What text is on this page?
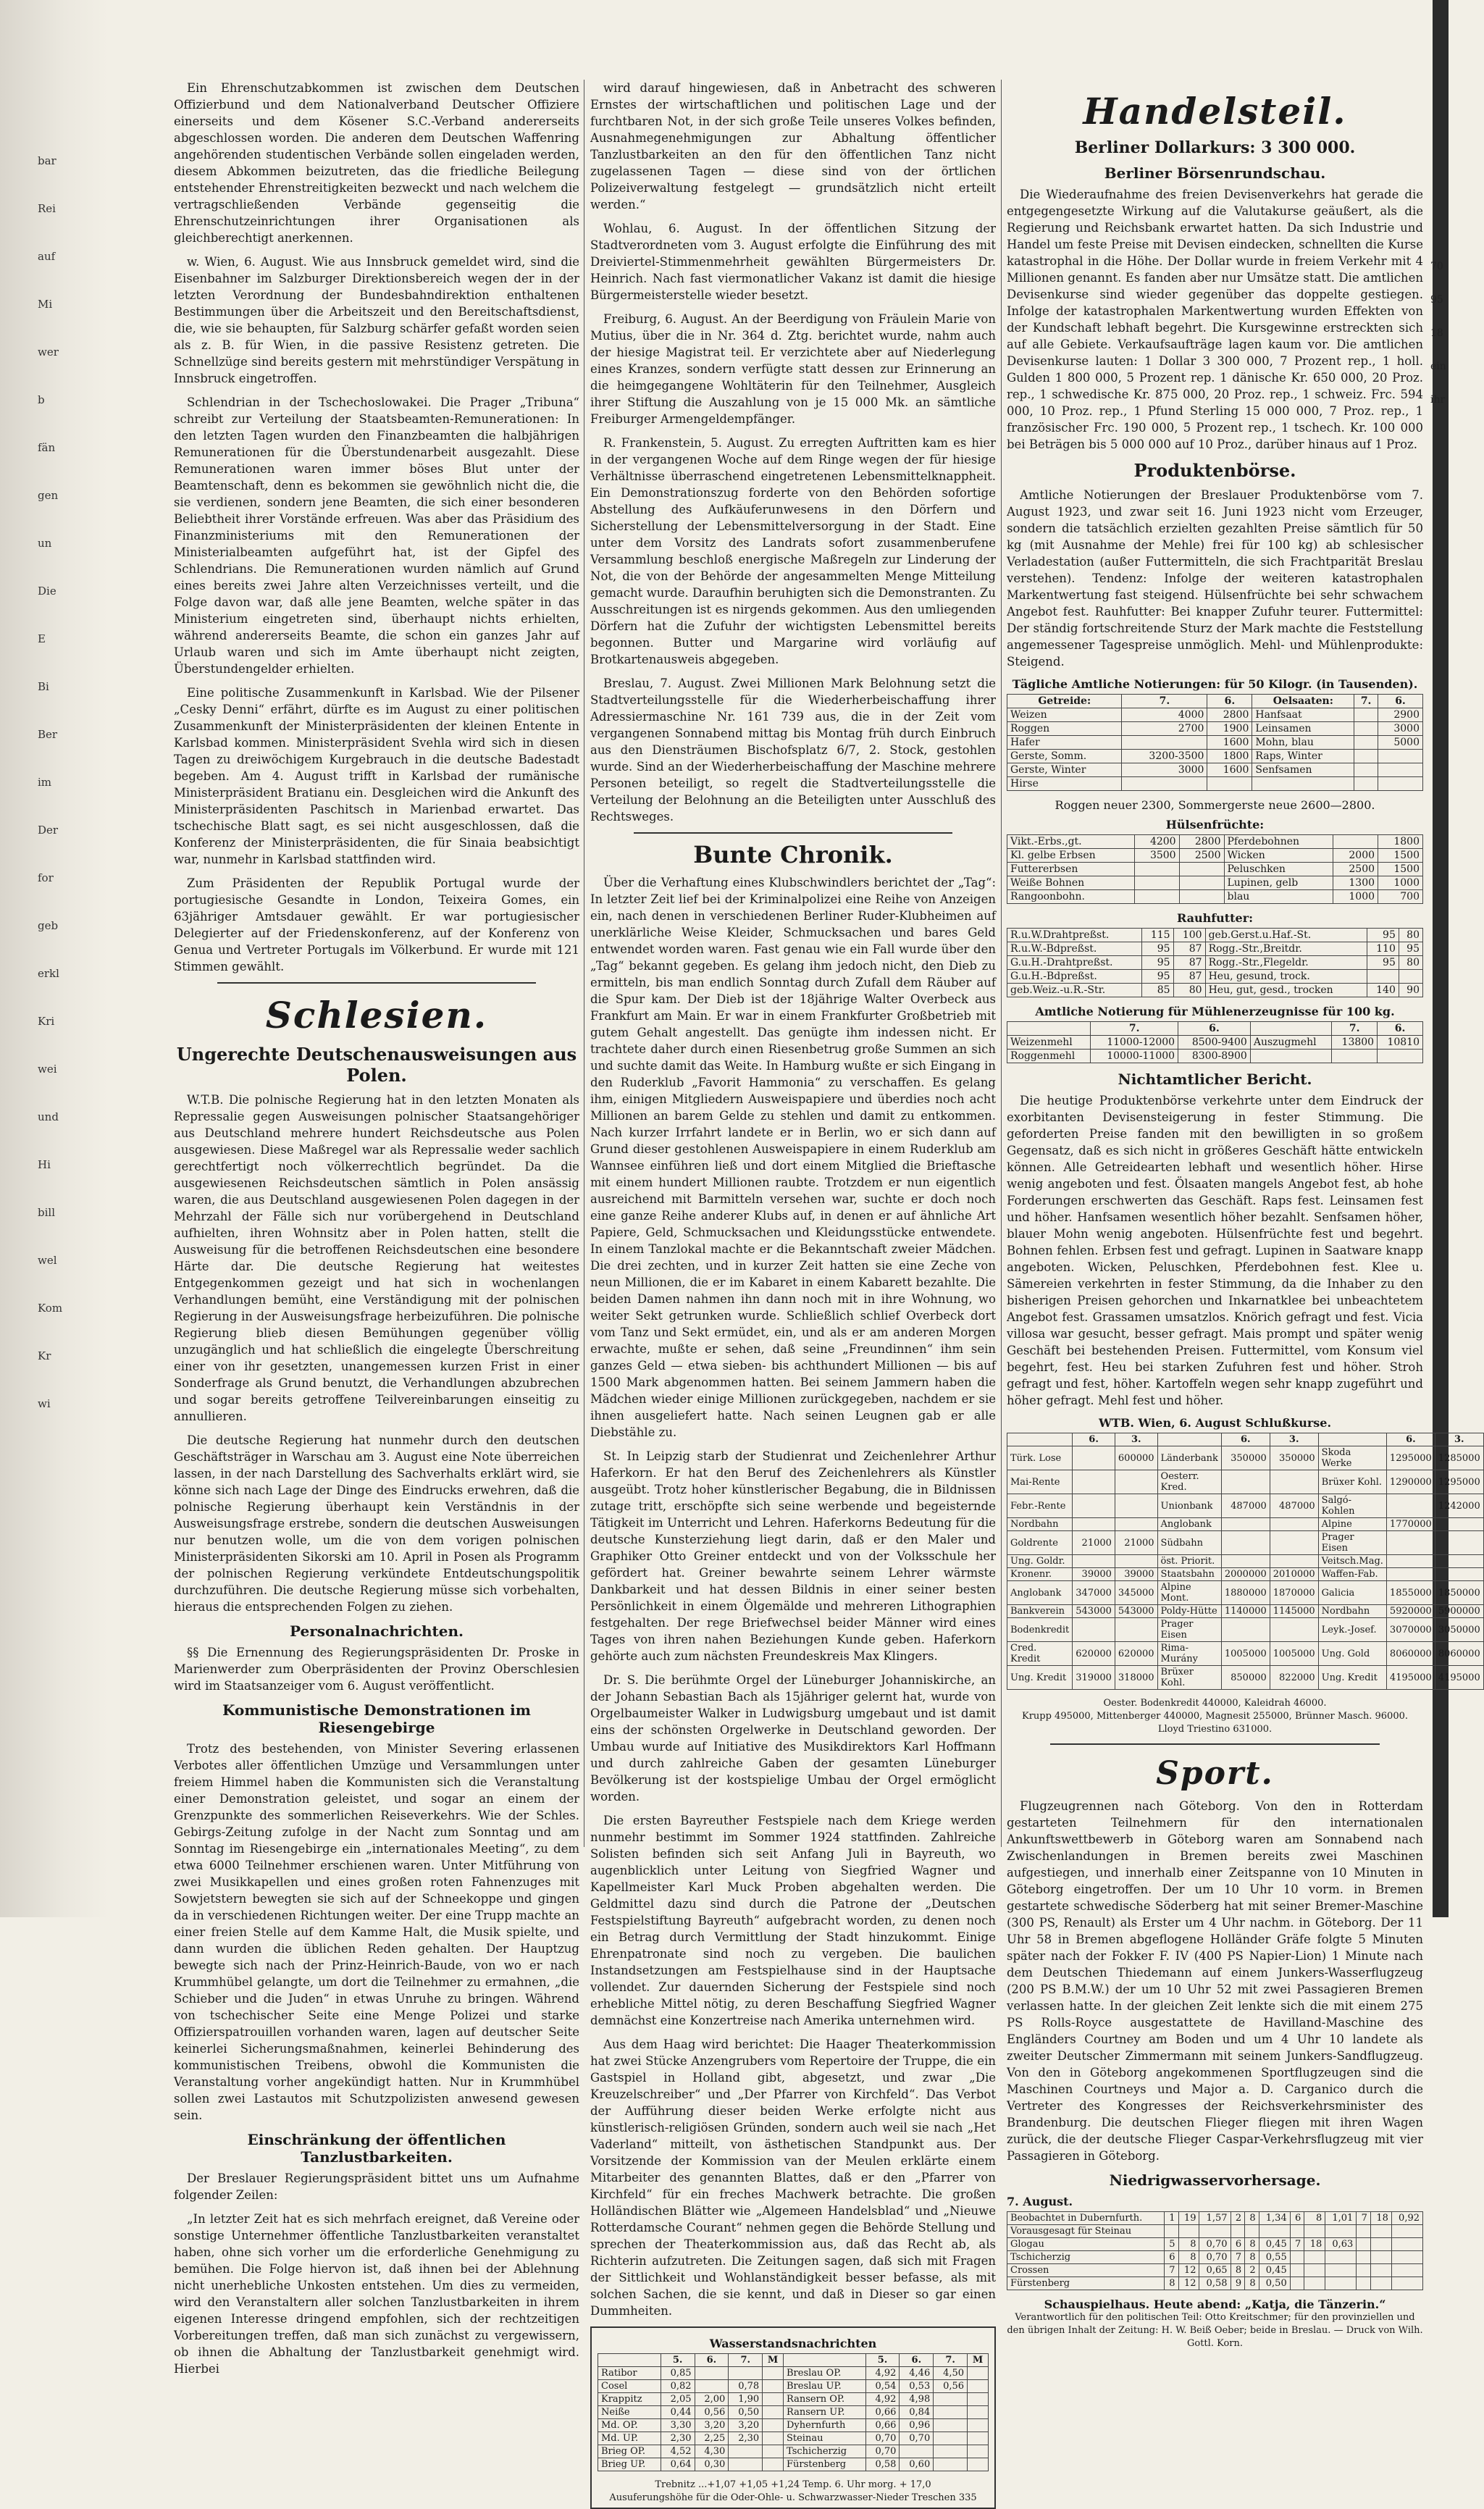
bar
Rei
auf
Mi
wer
b
fän
gen
un
Die
E
Bi
Ber
im
Der
for
geb
erkl
Kri
wei
und
Hi
bill
wel
Kom
Kr
wi
70
95
18
ein
ihr

Ein Ehrenschutzabkommen ist zwischen dem Deutschen Offizierbund und dem Nationalverband Deutscher Offiziere einerseits und dem Kösener S.C.-Verband andererseits abgeschlossen worden. Die anderen dem Deutschen Waffenring angehörenden studentischen Verbände sollen eingeladen werden, diesem Abkommen beizutreten, das die friedliche Beilegung entstehender Ehrenstreitigkeiten bezweckt und nach welchem die vertragschließenden Verbände gegenseitig die Ehrenschutzeinrichtungen ihrer Organisationen als gleichberechtigt anerkennen.

w. Wien, 6. August. Wie aus Innsbruck gemeldet wird, sind die Eisenbahner im Salzburger Direktionsbereich wegen der in der letzten Verordnung der Bundesbahndirektion enthaltenen Bestimmungen über die Arbeitszeit und den Bereitschaftsdienst, die, wie sie behaupten, für Salzburg schärfer gefaßt worden seien als z. B. für Wien, in die passive Resistenz getreten. Die Schnellzüge sind bereits gestern mit mehrstündiger Verspätung in Innsbruck eingetroffen.

Schlendrian in der Tschechoslowakei. Die Prager „Tribuna“ schreibt zur Verteilung der Staatsbeamten-Remunerationen: In den letzten Tagen wurden den Finanzbeamten die halbjährigen Remunerationen für die Überstundenarbeit ausgezahlt. Diese Remunerationen waren immer böses Blut unter der Beamtenschaft, denn es bekommen sie gewöhnlich nicht die, die sie verdienen, sondern jene Beamten, die sich einer besonderen Beliebtheit ihrer Vorstände erfreuen. Was aber das Präsidium des Finanzministeriums mit den Remunerationen der Ministerialbeamten aufgeführt hat, ist der Gipfel des Schlendrians. Die Remunerationen wurden nämlich auf Grund eines bereits zwei Jahre alten Verzeichnisses verteilt, und die Folge davon war, daß alle jene Beamten, welche später in das Ministerium eingetreten sind, überhaupt nichts erhielten, während andererseits Beamte, die schon ein ganzes Jahr auf Urlaub waren und sich im Amte überhaupt nicht zeigten, Überstundengelder erhielten.

Eine politische Zusammenkunft in Karlsbad. Wie der Pilsener „Cesky Denni“ erfährt, dürfte es im August zu einer politischen Zusammenkunft der Ministerpräsidenten der kleinen Entente in Karlsbad kommen. Ministerpräsident Svehla wird sich in diesen Tagen zu dreiwöchigem Kurgebrauch in die deutsche Badestadt begeben. Am 4. August trifft in Karlsbad der rumänische Ministerpräsident Bratianu ein. Desgleichen wird die Ankunft des Ministerpräsidenten Paschitsch in Marienbad erwartet. Das tschechische Blatt sagt, es sei nicht ausgeschlossen, daß die Konferenz der Ministerpräsidenten, die für Sinaia beabsichtigt war, nunmehr in Karlsbad stattfinden wird.

Zum Präsidenten der Republik Portugal wurde der portugiesische Gesandte in London, Teixeira Gomes, ein 63jähriger Amtsdauer gewählt. Er war portugiesischer Delegierter auf der Friedenskonferenz, auf der Konferenz von Genua und Vertreter Portugals im Völkerbund. Er wurde mit 121 Stimmen gewählt.

Schlesien.
Ungerechte Deutschenausweisungen aus Polen.

W.T.B. Die polnische Regierung hat in den letzten Monaten als Repressalie gegen Ausweisungen polnischer Staatsangehöriger aus Deutschland mehrere hundert Reichsdeutsche aus Polen ausgewiesen. Diese Maßregel war als Repressalie weder sachlich gerechtfertigt noch völkerrechtlich begründet. Da die ausgewiesenen Reichsdeutschen sämtlich in Polen ansässig waren, die aus Deutschland ausgewiesenen Polen dagegen in der Mehrzahl der Fälle sich nur vorübergehend in Deutschland aufhielten, ihren Wohnsitz aber in Polen hatten, stellt die Ausweisung für die betroffenen Reichsdeutschen eine besondere Härte dar. Die deutsche Regierung hat weitestes Entgegenkommen gezeigt und hat sich in wochenlangen Verhandlungen bemüht, eine Verständigung mit der polnischen Regierung in der Ausweisungsfrage herbeizuführen. Die polnische Regierung blieb diesen Bemühungen gegenüber völlig unzugänglich und hat schließlich die eingelegte Überschreitung einer von ihr gesetzten, unangemessen kurzen Frist in einer Sonderfrage als Grund benutzt, die Verhandlungen abzubrechen und sogar bereits getroffene Teilvereinbarungen einseitig zu annullieren.

Die deutsche Regierung hat nunmehr durch den deutschen Geschäftsträger in Warschau am 3. August eine Note überreichen lassen, in der nach Darstellung des Sachverhalts erklärt wird, sie könne sich nach Lage der Dinge des Eindrucks erwehren, daß die polnische Regierung überhaupt kein Verständnis in der Ausweisungsfrage erstrebe, sondern die deutschen Ausweisungen nur benutzen wolle, um die von dem vorigen polnischen Ministerpräsidenten Sikorski am 10. April in Posen als Programm der polnischen Regierung verkündete Entdeutschungspolitik durchzuführen. Die deutsche Regierung müsse sich vorbehalten, hieraus die entsprechenden Folgen zu ziehen.

Personalnachrichten.

§§ Die Ernennung des Regierungspräsidenten Dr. Proske in Marienwerder zum Oberpräsidenten der Provinz Oberschlesien wird im Staatsanzeiger vom 6. August veröffentlicht.

Kommunistische Demonstrationen im Riesengebirge

Trotz des bestehenden, von Minister Severing erlassenen Verbotes aller öffentlichen Umzüge und Versammlungen unter freiem Himmel haben die Kommunisten sich die Veranstaltung einer Demonstration geleistet, und sogar an einem der Grenzpunkte des sommerlichen Reiseverkehrs. Wie der Schles. Gebirgs-Zeitung zufolge in der Nacht zum Sonntag und am Sonntag im Riesengebirge ein „internationales Meeting“, zu dem etwa 6000 Teilnehmer erschienen waren. Unter Mitführung von zwei Musikkapellen und eines großen roten Fahnenzuges mit Sowjetstern bewegten sie sich auf der Schneekoppe und gingen da in verschiedenen Richtungen weiter. Der eine Trupp machte an einer freien Stelle auf dem Kamme Halt, die Musik spielte, und dann wurden die üblichen Reden gehalten. Der Hauptzug bewegte sich nach der Prinz-Heinrich-Baude, von wo er nach Krummhübel gelangte, um dort die Teilnehmer zu ermahnen, „die Schieber und die Juden“ in etwas Unruhe zu bringen. Während von tschechischer Seite eine Menge Polizei und starke Offizierspatrouillen vorhanden waren, lagen auf deutscher Seite keinerlei Sicherungsmaßnahmen, keinerlei Behinderung des kommunistischen Treibens, obwohl die Kommunisten die Veranstaltung vorher angekündigt hatten. Nur in Krummhübel sollen zwei Lastautos mit Schutzpolizisten anwesend gewesen sein.

Einschränkung der öffentlichen Tanzlustbarkeiten.

Der Breslauer Regierungspräsident bittet uns um Aufnahme folgender Zeilen:

„In letzter Zeit hat es sich mehrfach ereignet, daß Vereine oder sonstige Unternehmer öffentliche Tanzlustbarkeiten veranstaltet haben, ohne sich vorher um die erforderliche Genehmigung zu bemühen. Die Folge hiervon ist, daß ihnen bei der Ablehnung nicht unerhebliche Unkosten entstehen. Um dies zu vermeiden, wird den Veranstaltern aller solchen Tanzlustbarkeiten in ihrem eigenen Interesse dringend empfohlen, sich der rechtzeitigen Vorbereitungen treffen, daß man sich zunächst zu vergewissern, ob ihnen die Abhaltung der Tanzlustbarkeit genehmigt wird. Hierbei

wird darauf hingewiesen, daß in Anbetracht des schweren Ernstes der wirtschaftlichen und politischen Lage und der furchtbaren Not, in der sich große Teile unseres Volkes befinden, Ausnahmegenehmigungen zur Abhaltung öffentlicher Tanzlustbarkeiten an den für den öffentlichen Tanz nicht zugelassenen Tagen — diese sind von der örtlichen Polizeiverwaltung festgelegt — grundsätzlich nicht erteilt werden.“

Wohlau, 6. August. In der öffentlichen Sitzung der Stadtverordneten vom 3. August erfolgte die Einführung des mit Dreiviertel-Stimmenmehrheit gewählten Bürgermeisters Dr. Heinrich. Nach fast viermonatlicher Vakanz ist damit die hiesige Bürgermeisterstelle wieder besetzt.

Freiburg, 6. August. An der Beerdigung von Fräulein Marie von Mutius, über die in Nr. 364 d. Ztg. berichtet wurde, nahm auch der hiesige Magistrat teil. Er verzichtete aber auf Niederlegung eines Kranzes, sondern verfügte statt dessen zur Erinnerung an die heimgegangene Wohltäterin für den Teilnehmer, Ausgleich ihrer Stiftung die Auszahlung von je 15 000 Mk. an sämtliche Freiburger Armengeldempfänger.

R. Frankenstein, 5. August. Zu erregten Auftritten kam es hier in der vergangenen Woche auf dem Ringe wegen der für hiesige Verhältnisse überraschend eingetretenen Lebensmittelknappheit. Ein Demonstrationszug forderte von den Behörden sofortige Abstellung des Aufkäuferunwesens in den Dörfern und Sicherstellung der Lebensmittelversorgung in der Stadt. Eine unter dem Vorsitz des Landrats sofort zusammenberufene Versammlung beschloß energische Maßregeln zur Linderung der Not, die von der Behörde der angesammelten Menge Mitteilung gemacht wurde. Daraufhin beruhigten sich die Demonstranten. Zu Ausschreitungen ist es nirgends gekommen. Aus den umliegenden Dörfern hat die Zufuhr der wichtigsten Lebensmittel bereits begonnen. Butter und Margarine wird vorläufig auf Brotkartenausweis abgegeben.

Breslau, 7. August. Zwei Millionen Mark Belohnung setzt die Stadtverteilungsstelle für die Wiederherbeischaffung ihrer Adressiermaschine Nr. 161 739 aus, die in der Zeit vom vergangenen Sonnabend mittag bis Montag früh durch Einbruch aus den Diensträumen Bischofsplatz 6/7, 2. Stock, gestohlen wurde. Sind an der Wiederherbeischaffung der Maschine mehrere Personen beteiligt, so regelt die Stadtverteilungsstelle die Verteilung der Belohnung an die Beteiligten unter Ausschluß des Rechtsweges.

Bunte Chronik.

Über die Verhaftung eines Klubschwindlers berichtet der „Tag“: In letzter Zeit lief bei der Kriminalpolizei eine Reihe von Anzeigen ein, nach denen in verschiedenen Berliner Ruder-Klubheimen auf unerklärliche Weise Kleider, Schmucksachen und bares Geld entwendet worden waren. Fast genau wie ein Fall wurde über den „Tag“ bekannt gegeben. Es gelang ihm jedoch nicht, den Dieb zu ermitteln, bis man endlich Sonntag durch Zufall dem Räuber auf die Spur kam. Der Dieb ist der 18jährige Walter Overbeck aus Frankfurt am Main. Er war in einem Frankfurter Großbetrieb mit gutem Gehalt angestellt. Das genügte ihm indessen nicht. Er trachtete daher durch einen Riesenbetrug große Summen an sich und suchte damit das Weite. In Hamburg wußte er sich Eingang in den Ruderklub „Favorit Hammonia“ zu verschaffen. Es gelang ihm, einigen Mitgliedern Ausweispapiere und überdies noch acht Millionen an barem Gelde zu stehlen und damit zu entkommen. Nach kurzer Irrfahrt landete er in Berlin, wo er sich dann auf Grund dieser gestohlenen Ausweispapiere in einem Ruderklub am Wannsee einführen ließ und dort einem Mitglied die Brieftasche mit einem hundert Millionen raubte. Trotzdem er nun eigentlich ausreichend mit Barmitteln versehen war, suchte er doch noch eine ganze Reihe anderer Klubs auf, in denen er auf ähnliche Art Papiere, Geld, Schmucksachen und Kleidungsstücke entwendete. In einem Tanzlokal machte er die Bekanntschaft zweier Mädchen. Die drei zechten, und in kurzer Zeit hatten sie eine Zeche von neun Millionen, die er im Kabaret in einem Kabarett bezahlte. Die beiden Damen nahmen ihn dann noch mit in ihre Wohnung, wo weiter Sekt getrunken wurde. Schließlich schlief Overbeck dort vom Tanz und Sekt ermüdet, ein, und als er am anderen Morgen erwachte, mußte er sehen, daß seine „Freundinnen“ ihm sein ganzes Geld — etwa sieben- bis achthundert Millionen — bis auf 1500 Mark abgenommen hatten. Bei seinem Jammern haben die Mädchen wieder einige Millionen zurückgegeben, nachdem er sie ihnen ausgeliefert hatte. Nach seinen Leugnen gab er alle Diebstähle zu.

St. In Leipzig starb der Studienrat und Zeichenlehrer Arthur Haferkorn. Er hat den Beruf des Zeichenlehrers als Künstler ausgeübt. Trotz hoher künstlerischer Begabung, die in Bildnissen zutage tritt, erschöpfte sich seine werbende und begeisternde Tätigkeit im Unterricht und Lehren. Haferkorns Bedeutung für die deutsche Kunsterziehung liegt darin, daß er den Maler und Graphiker Otto Greiner entdeckt und von der Volksschule her gefördert hat. Greiner bewahrte seinem Lehrer wärmste Dankbarkeit und hat dessen Bildnis in einer seiner besten Persönlichkeit in einem Ölgemälde und mehreren Lithographien festgehalten. Der rege Briefwechsel beider Männer wird eines Tages von ihren nahen Beziehungen Kunde geben. Haferkorn gehörte auch zum nächsten Freundeskreis Max Klingers.

Dr. S. Die berühmte Orgel der Lüneburger Johanniskirche, an der Johann Sebastian Bach als 15jähriger gelernt hat, wurde von Orgelbaumeister Walker in Ludwigsburg umgebaut und ist damit eins der schönsten Orgelwerke in Deutschland geworden. Der Umbau wurde auf Initiative des Musikdirektors Karl Hoffmann und durch zahlreiche Gaben der gesamten Lüneburger Bevölkerung ist der kostspielige Umbau der Orgel ermöglicht worden.

Die ersten Bayreuther Festspiele nach dem Kriege werden nunmehr bestimmt im Sommer 1924 stattfinden. Zahlreiche Solisten befinden sich seit Anfang Juli in Bayreuth, wo augenblicklich unter Leitung von Siegfried Wagner und Kapellmeister Karl Muck Proben abgehalten werden. Die Geldmittel dazu sind durch die Patrone der „Deutschen Festspielstiftung Bayreuth“ aufgebracht worden, zu denen noch ein Betrag durch Vermittlung der Stadt hinzukommt. Einige Ehrenpatronate sind noch zu vergeben. Die baulichen Instandsetzungen am Festspielhause sind in der Hauptsache vollendet. Zur dauernden Sicherung der Festspiele sind noch erhebliche Mittel nötig, zu deren Beschaffung Siegfried Wagner demnächst eine Konzertreise nach Amerika unternehmen wird.

Aus dem Haag wird berichtet: Die Haager Theaterkommission hat zwei Stücke Anzengrubers vom Repertoire der Truppe, die ein Gastspiel in Holland gibt, abgesetzt, und zwar „Die Kreuzelschreiber“ und „Der Pfarrer von Kirchfeld“. Das Verbot der Aufführung dieser beiden Werke erfolgte nicht aus künstlerisch-religiösen Gründen, sondern auch weil sie nach „Het Vaderland“ mitteilt, von ästhetischen Standpunkt aus. Der Vorsitzende der Kommission van der Meulen erklärte einem Mitarbeiter des genannten Blattes, daß er den „Pfarrer von Kirchfeld“ für ein freches Machwerk betrachte. Die großen Holländischen Blätter wie „Algemeen Handelsblad“ und „Nieuwe Rotterdamsche Courant“ nehmen gegen die Behörde Stellung und sprechen der Theaterkommission aus, daß das Recht ab, als Richterin aufzutreten. Die Zeitungen sagen, daß sich mit Fragen der Sittlichkeit und Wohlanständigkeit besser befasse, als mit solchen Sachen, die sie kennt, und daß in Dieser so gar einen Dummheiten.

Wasserstandsnachrichten
	5.	6.	7.	M		5.	6.	7.	M
Ratibor	0,85				Breslau OP.	4,92	4,46	4,50	
Cosel	0,82		0,78		Breslau UP.	0,54	0,53	0,56	
Krappitz	2,05	2,00	1,90		Ransern OP.	4,92	4,98		
Neiße	0,44	0,56	0,50		Ransern UP.	0,66	0,84		
Md. OP.	3,30	3,20	3,20		Dyhernfurth	0,66	0,96		
Md. UP.	2,30	2,25	2,30		Steinau	0,70	0,70		
Brieg OP.	4,52	4,30			Tschicherzig	0,70			
Brieg UP.	0,64	0,30			Fürstenberg	0,58	0,60		
Trebnitz ...+1,07 +1,05 +1,24 Temp. 6. Uhr morg. + 17,0
Ausuferungshöhe für die Oder-Ohle- u. Schwarzwasser-Nieder Treschen 335
Handelsteil.
Berliner Dollarkurs: 3 300 000.
Berliner Börsenrundschau.

Die Wiederaufnahme des freien Devisenverkehrs hat gerade die entgegengesetzte Wirkung auf die Valutakurse geäußert, als die Regierung und Reichsbank erwartet hatten. Da sich Industrie und Handel um feste Preise mit Devisen eindecken, schnellten die Kurse katastrophal in die Höhe. Der Dollar wurde in freiem Verkehr mit 4 Millionen genannt. Es fanden aber nur Umsätze statt. Die amtlichen Devisenkurse sind wieder gegenüber das doppelte gestiegen. Infolge der katastrophalen Markentwertung wurden Effekten von der Kundschaft lebhaft begehrt. Die Kursgewinne erstreckten sich auf alle Gebiete. Verkaufsaufträge lagen kaum vor. Die amtlichen Devisenkurse lauten: 1 Dollar 3 300 000, 7 Prozent rep., 1 holl. Gulden 1 800 000, 5 Prozent rep. 1 dänische Kr. 650 000, 20 Proz. rep., 1 schwedische Kr. 875 000, 20 Proz. rep., 1 schweiz. Frc. 594 000, 10 Proz. rep., 1 Pfund Sterling 15 000 000, 7 Proz. rep., 1 französischer Frc. 190 000, 5 Prozent rep., 1 tschech. Kr. 100 000 bei Beträgen bis 5 000 000 auf 10 Proz., darüber hinaus auf 1 Proz.

Produktenbörse.

Amtliche Notierungen der Breslauer Produktenbörse vom 7. August 1923, und zwar seit 16. Juni 1923 nicht vom Erzeuger, sondern die tatsächlich erzielten gezahlten Preise sämtlich für 50 kg (mit Ausnahme der Mehle) frei für 100 kg) ab schlesischer Verladestation (außer Futtermitteln, die sich Frachtparität Breslau verstehen). Tendenz: Infolge der weiteren katastrophalen Markentwertung fast steigend. Hülsenfrüchte bei sehr schwachem Angebot fest. Rauhfutter: Bei knapper Zufuhr teurer. Futtermittel: Der ständig fortschreitende Sturz der Mark machte die Feststellung angemessener Tagespreise unmöglich. Mehl- und Mühlenprodukte: Steigend.

Tägliche Amtliche Notierungen: für 50 Kilogr. (in Tausenden).
Getreide:	7.	6.	Oelsaaten:	7.	6.
Weizen	4000	2800	Hanfsaat		2900
Roggen	2700	1900	Leinsamen		3000
Hafer		1600	Mohn, blau		5000
Gerste, Somm.	3200-3500	1800	Raps, Winter		
Gerste, Winter	3000	1600	Senfsamen		
Hirse					
Roggen neuer 2300, Sommergerste neue 2600—2800.
Hülsenfrüchte:
Vikt.-Erbs.,gt.	4200	2800	Pferdebohnen		1800
Kl. gelbe Erbsen	3500	2500	Wicken	2000	1500
Futtererbsen			Peluschken	2500	1500
Weiße Bohnen			Lupinen, gelb	1300	1000
Rangoonbohn.			blau	1000	700
Rauhfutter:
R.u.W.Drahtpreßst.	115	100	geb.Gerst.u.Haf.-St.	95	80
R.u.W.-Bdpreßst.	95	87	Rogg.-Str.,Breitdr.	110	95
G.u.H.-Drahtpreßst.	95	87	Rogg.-Str.,Flegeldr.	95	80
G.u.H.-Bdpreßst.	95	87	Heu, gesund, trock.		
geb.Weiz.-u.R.-Str.	85	80	Heu, gut, gesd., trocken	140	90
Amtliche Notierung für Mühlenerzeugnisse für 100 kg.
	7.	6.		7.	6.
Weizenmehl	11000-12000	8500-9400	Auszugmehl	13800	10810
Roggenmehl	10000-11000	8300-8900			
Nichtamtlicher Bericht.

Die heutige Produktenbörse verkehrte unter dem Eindruck der exorbitanten Devisensteigerung in fester Stimmung. Die geforderten Preise fanden mit den bewilligten in so großem Gegensatz, daß es sich nicht in größeres Geschäft hätte entwickeln können. Alle Getreidearten lebhaft und wesentlich höher. Hirse wenig angeboten und fest. Ölsaaten mangels Angebot fest, ab hohe Forderungen erschwerten das Geschäft. Raps fest. Leinsamen fest und höher. Hanfsamen wesentlich höher bezahlt. Senfsamen höher, blauer Mohn wenig angeboten. Hülsenfrüchte fest und begehrt. Bohnen fehlen. Erbsen fest und gefragt. Lupinen in Saatware knapp angeboten. Wicken, Peluschken, Pferdebohnen fest. Klee u. Sämereien verkehrten in fester Stimmung, da die Inhaber zu den bisherigen Preisen gehorchen und Inkarnatklee bei unbeachtetem Angebot fest. Grassamen umsatzlos. Knörich gefragt und fest. Vicia villosa war gesucht, besser gefragt. Mais prompt und später wenig Geschäft bei bestehenden Preisen. Futtermittel, vom Konsum viel begehrt, fest. Heu bei starken Zufuhren fest und höher. Stroh gefragt und fest, höher. Kartoffeln wegen sehr knapp zugeführt und höher gefragt. Mehl fest und höher.

WTB. Wien, 6. August Schlußkurse.
	6.	3.		6.	3.		6.	3.
Türk. Lose		600000	Länderbank	350000	350000	Skoda Werke	1295000	1285000
Mai-Rente			Oesterr. Kred.			Brüxer Kohl.	1290000	1295000
Febr.-Rente			Unionbank	487000	487000	Salgó-Kohlen		1242000
Nordbahn			Anglobank			Alpine	1770000	
Goldrente	21000	21000	Südbahn			Prager Eisen		
Ung. Goldr.			öst. Priorit.			Veitsch.Mag.		
Kronenr.	39000	39000	Staatsbahn	2000000	2010000	Waffen-Fab.		
Anglobank	347000	345000	Alpine Mont.	1880000	1870000	Galicia	1855000	1850000
Bankverein	543000	543000	Poldy-Hütte	1140000	1145000	Nordbahn	5920000	5900000
Bodenkredit			Prager Eisen			Leyk.-Josef.	3070000	3050000
Cred. Kredit	620000	620000	Rima-Murány	1005000	1005000	Ung. Gold	8060000	8060000
Ung. Kredit	319000	318000	Brüxer Kohl.	850000	822000	Ung. Kredit	4195000	4195000
Oester. Bodenkredit 440000, Kaleidrah 46000.
Krupp 495000, Mittenberger 440000, Magnesit 255000, Brünner Masch. 96000.
Lloyd Triestino 631000.
Sport.

Flugzeugrennen nach Göteborg. Von den in Rotterdam gestarteten Teilnehmern für den internationalen Ankunftswettbewerb in Göteborg waren am Sonnabend nach Zwischenlandungen in Bremen bereits zwei Maschinen aufgestiegen, und innerhalb einer Zeitspanne von 10 Minuten in Göteborg eingetroffen. Der um 10 Uhr 10 vorm. in Bremen gestartete schwedische Söderberg hat mit seiner Bremer-Maschine (300 PS, Renault) als Erster um 4 Uhr nachm. in Göteborg. Der 11 Uhr 58 in Bremen abgeflogene Holländer Gräfe folgte 5 Minuten später nach der Fokker F. IV (400 PS Napier-Lion) 1 Minute nach dem Deutschen Thiedemann auf einem Junkers-Wasserflugzeug (200 PS B.M.W.) der um 10 Uhr 52 mit zwei Passagieren Bremen verlassen hatte. In der gleichen Zeit lenkte sich die mit einem 275 PS Rolls-Royce ausgestattete de Havilland-Maschine des Engländers Courtney am Boden und um 4 Uhr 10 landete als zweiter Deutscher Zimmermann mit seinem Junkers-Sandflugzeug. Von den in Göteborg angekommenen Sportflugzeugen sind die Maschinen Courtneys und Major a. D. Carganico durch die Vertreter des Kongresses der Reichsverkehrsminister des Brandenburg. Die deutschen Flieger fliegen mit ihren Wagen zurück, die der deutsche Flieger Caspar-Verkehrsflugzeug mit vier Passagieren in Göteborg.

Niedrigwasservorhersage.
7. August.
Beobachtet in Dubernfurth.	1	19	1,57	2	8	1,34	6	8	1,01	7	18	0,92
Vorausgesagt für Steinau												
Glogau	5	8	0,70	6	8	0,45	7	18	0,63			
Tschicherzig	6	8	0,70	7	8	0,55						
Crossen	7	12	0,65	8	2	0,45						
Fürstenberg	8	12	0,58	9	8	0,50						
Schauspielhaus. Heute abend: „Katja, die Tänzerin.“
Verantwortlich für den politischen Teil: Otto Kreitschmer; für den provinziellen und den übrigen Inhalt der Zeitung: H. W. Beiß Oeber; beide in Breslau. — Druck von Wilh. Gottl. Korn.
